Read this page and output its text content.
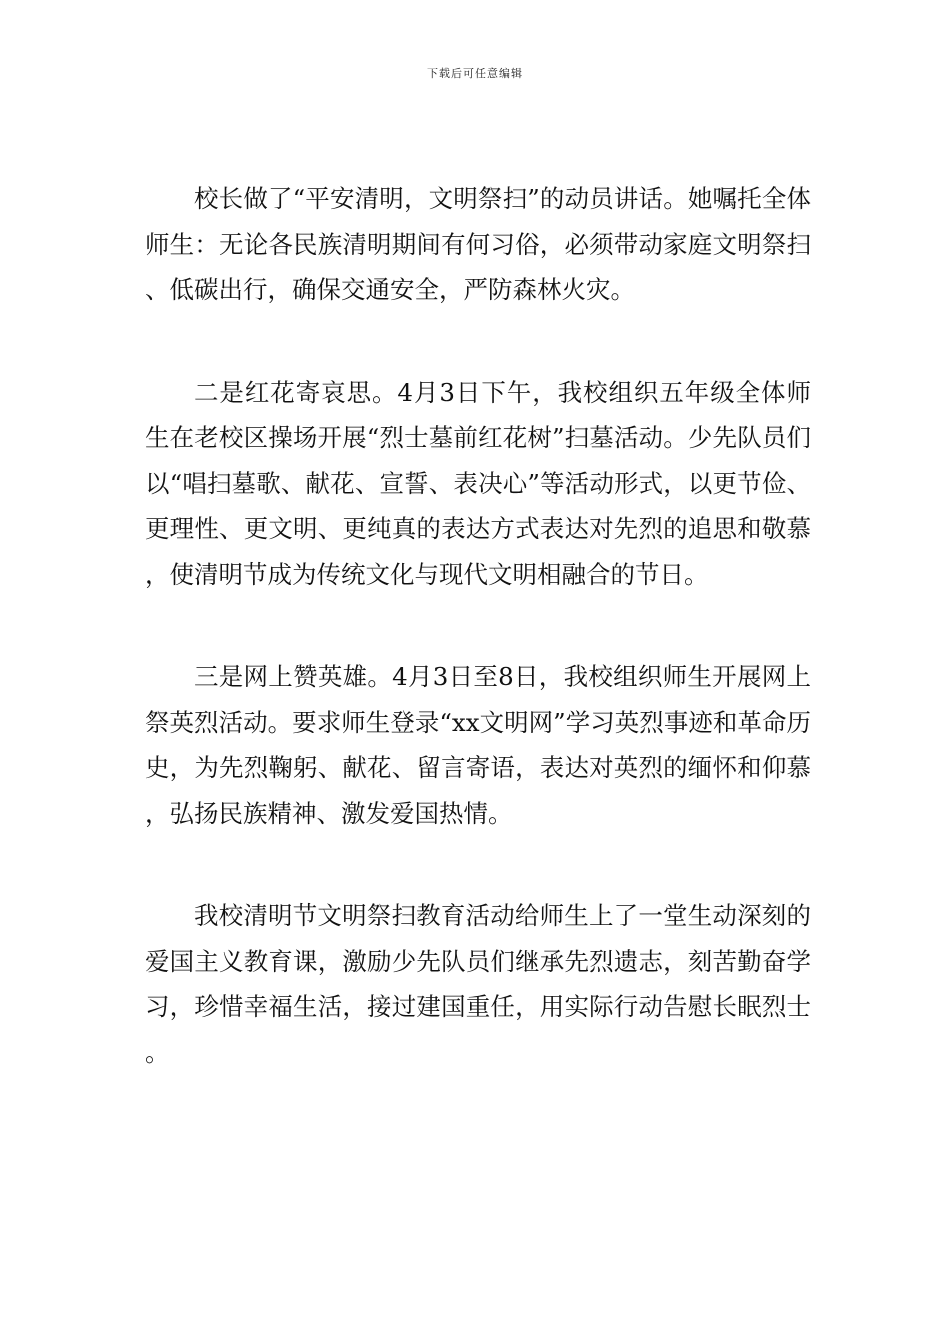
下载后可任意编辑

校长做了“平安清明，文明祭扫”的动员讲话。她嘱托全体师生：无论各民族清明期间有何习俗，必须带动家庭文明祭扫、低碳出行，确保交通安全，严防森林火灾。

二是红花寄哀思。4月3日下午，我校组织五年级全体师生在老校区操场开展“烈士墓前红花树”扫墓活动。少先队员们以“唱扫墓歌、献花、宣誓、表决心”等活动形式，以更节俭、更理性、更文明、更纯真的表达方式表达对先烈的追思和敬慕，使清明节成为传统文化与现代文明相融合的节日。

三是网上赞英雄。4月3日至8日，我校组织师生开展网上祭英烈活动。要求师生登录“xx文明网”学习英烈事迹和革命历史，为先烈鞠躬、献花、留言寄语，表达对英烈的缅怀和仰慕，弘扬民族精神、激发爱国热情。

我校清明节文明祭扫教育活动给师生上了一堂生动深刻的爱国主义教育课，激励少先队员们继承先烈遗志，刻苦勤奋学习，珍惜幸福生活，接过建国重任，用实际行动告慰长眠烈士。
